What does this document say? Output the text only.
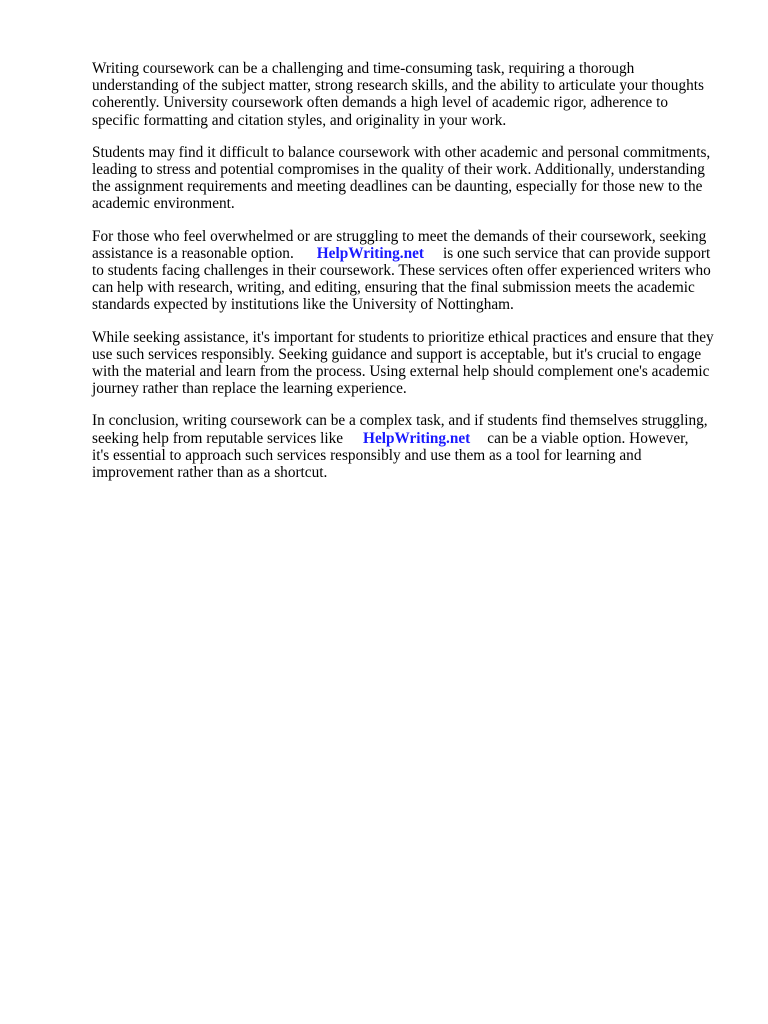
Writing coursework can be a challenging and time-consuming task, requiring a thorough
understanding of the subject matter, strong research skills, and the ability to articulate your thoughts
coherently. University coursework often demands a high level of academic rigor, adherence to
specific formatting and citation styles, and originality in your work.

Students may find it difficult to balance coursework with other academic and personal commitments,
leading to stress and potential compromises in the quality of their work. Additionally, understanding
the assignment requirements and meeting deadlines can be daunting, especially for those new to the
academic environment.

For those who feel overwhelmed or are struggling to meet the demands of their coursework, seeking
assistance is a reasonable option. HelpWriting.net is one such service that can provide support
to students facing challenges in their coursework. These services often offer experienced writers who
can help with research, writing, and editing, ensuring that the final submission meets the academic
standards expected by institutions like the University of Nottingham.

While seeking assistance, it's important for students to prioritize ethical practices and ensure that they
use such services responsibly. Seeking guidance and support is acceptable, but it's crucial to engage
with the material and learn from the process. Using external help should complement one's academic
journey rather than replace the learning experience.

In conclusion, writing coursework can be a complex task, and if students find themselves struggling,
seeking help from reputable services like HelpWriting.net can be a viable option. However,
it's essential to approach such services responsibly and use them as a tool for learning and
improvement rather than as a shortcut.
